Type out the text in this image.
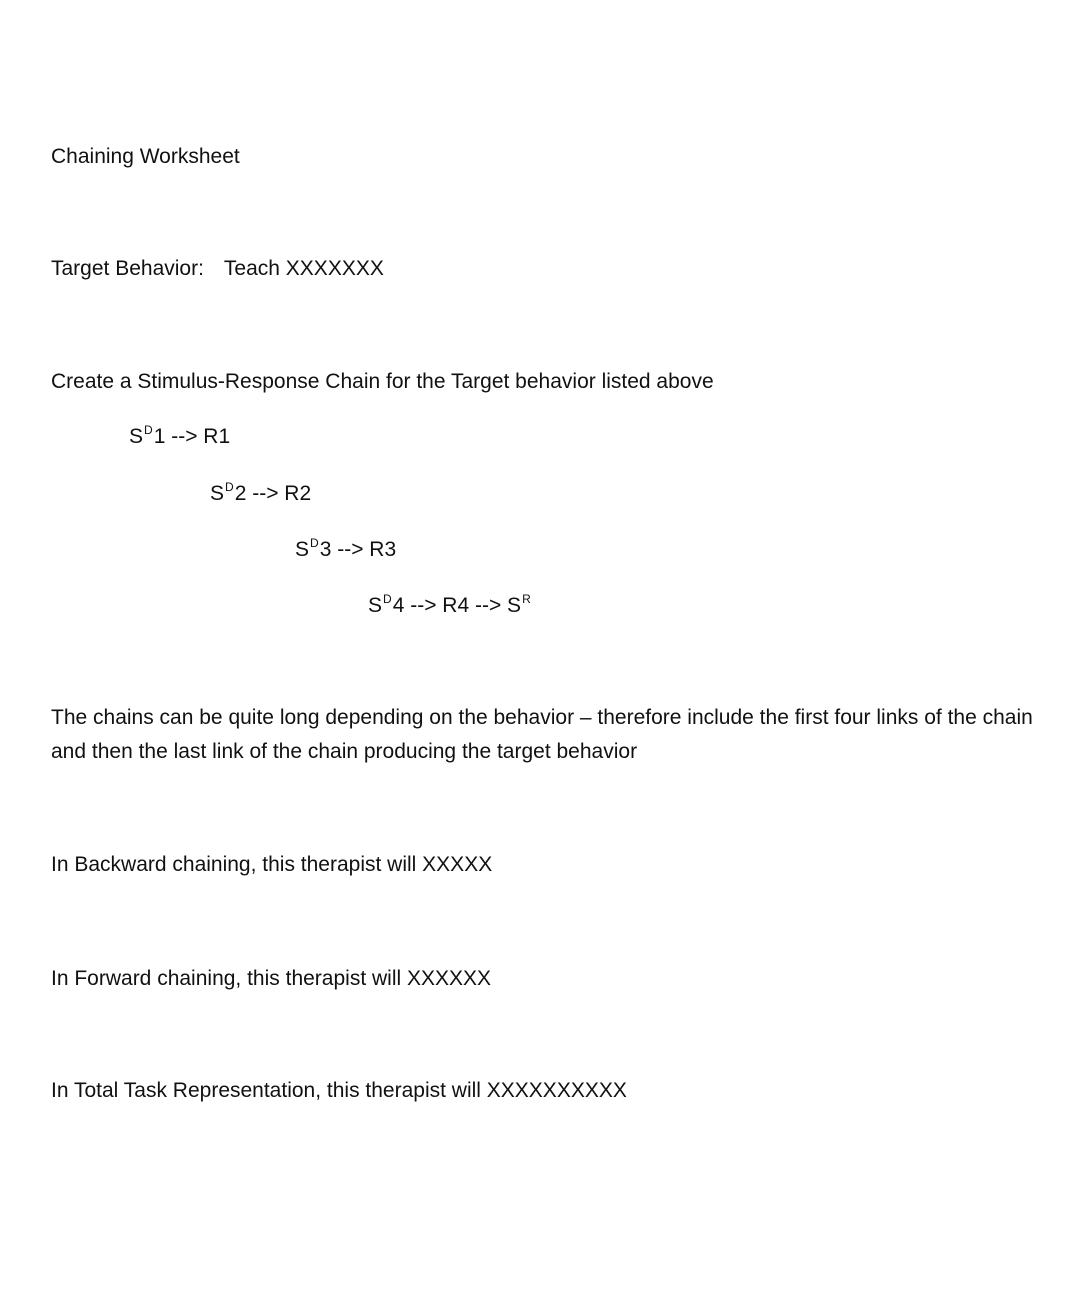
Chaining Worksheet
Target Behavior: Teach XXXXXXX
Create a Stimulus-Response Chain for the Target behavior listed above
$S^D1$ --> R1
$S^D2$ --> R2
$S^D3$ --> R3
$S^D4$ --> R4 --> $S^R$
The chains can be quite long depending on the behavior – therefore include the first four links of the chain and then the last link of the chain producing the target behavior
In Backward chaining, this therapist will XXXXX
In Forward chaining, this therapist will XXXXXX
In Total Task Representation, this therapist will XXXXXXXXXX
